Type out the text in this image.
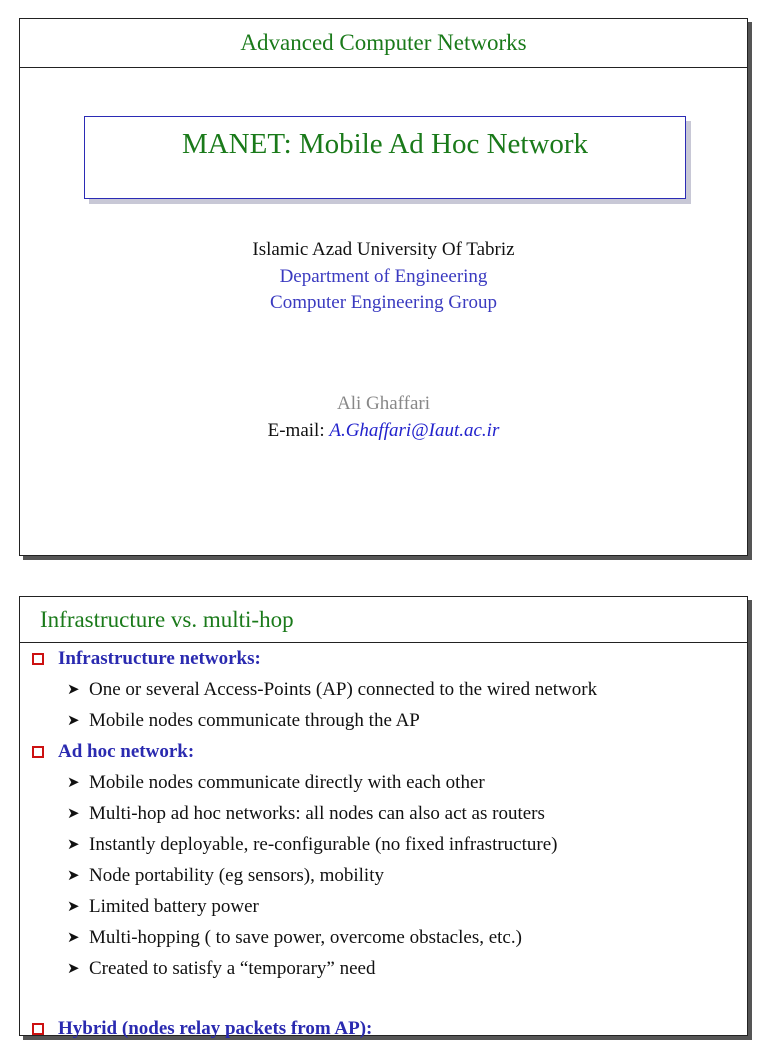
Advanced Computer Networks
MANET: Mobile Ad Hoc Network
Islamic Azad University Of Tabriz
Department of Engineering
Computer Engineering Group
Ali Ghaffari
E-mail: A.Ghaffari@Iaut.ac.ir
Infrastructure vs. multi-hop
Infrastructure networks:
➤ One or several Access-Points (AP) connected to the wired network
➤ Mobile nodes communicate through the AP
Ad hoc network:
➤ Mobile nodes communicate directly with each other
➤ Multi-hop ad hoc networks: all nodes can also act as routers
➤ Instantly deployable, re-configurable (no fixed infrastructure)
➤ Node portability (eg sensors), mobility
➤ Limited battery power
➤ Multi-hopping ( to save power, overcome obstacles, etc.)
➤ Created to satisfy a “temporary” need
Hybrid (nodes relay packets from AP):
